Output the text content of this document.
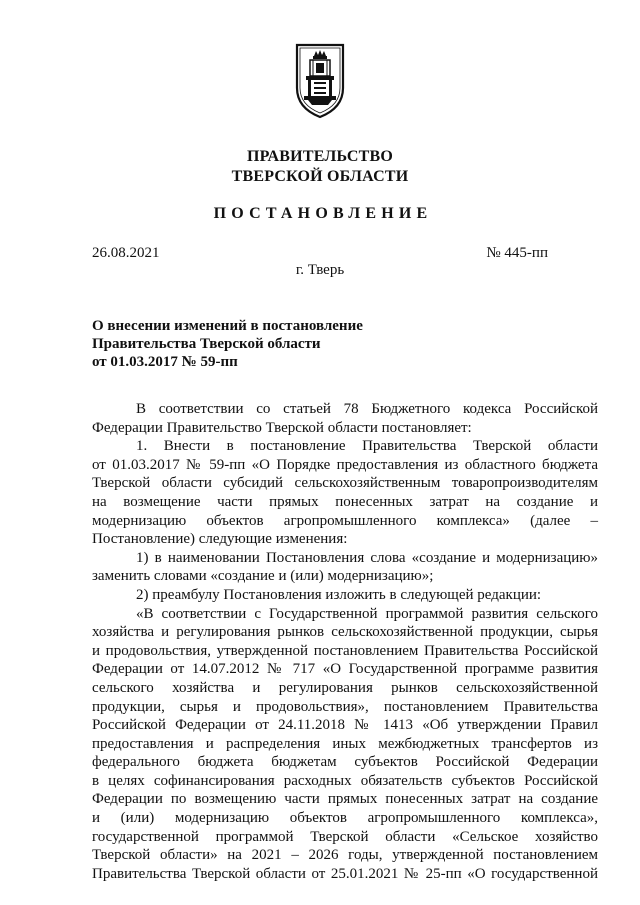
ПРАВИТЕЛЬСТВО
ТВЕРСКОЙ ОБЛАСТИ
ПОСТАНОВЛЕНИЕ
26.08.2021	№ 445-пп
г. Тверь
О внесении изменений в постановление
Правительства Тверской области
от 01.03.2017 № 59-пп
В соответствии со статьей 78 Бюджетного кодекса Российской
Федерации Правительство Тверской области постановляет:
1. Внести в постановление Правительства Тверской области
от 01.03.2017 № 59-пп «О Порядке предоставления из областного бюджета
Тверской области субсидий сельскохозяйственным товаропроизводителям
на возмещение части прямых понесенных затрат на создание и
модернизацию объектов агропромышленного комплекса» (далее –
Постановление) следующие изменения:
1) в наименовании Постановления слова «создание и модернизацию»
заменить словами «создание и (или) модернизацию»;
2) преамбулу Постановления изложить в следующей редакции:
«В соответствии с Государственной программой развития сельского
хозяйства и регулирования рынков сельскохозяйственной продукции, сырья
и продовольствия, утвержденной постановлением Правительства Российской
Федерации от 14.07.2012 № 717 «О Государственной программе развития
сельского хозяйства и регулирования рынков сельскохозяйственной
продукции, сырья и продовольствия», постановлением Правительства
Российской Федерации от 24.11.2018 № 1413 «Об утверждении Правил
предоставления и распределения иных межбюджетных трансфертов из
федерального бюджета бюджетам субъектов Российской Федерации
в целях софинансирования расходных обязательств субъектов Российской
Федерации по возмещению части прямых понесенных затрат на создание
и (или) модернизацию объектов агропромышленного комплекса»,
государственной программой Тверской области «Сельское хозяйство
Тверской области» на 2021 – 2026 годы, утвержденной постановлением
Правительства Тверской области от 25.01.2021 № 25-пп «О государственной
